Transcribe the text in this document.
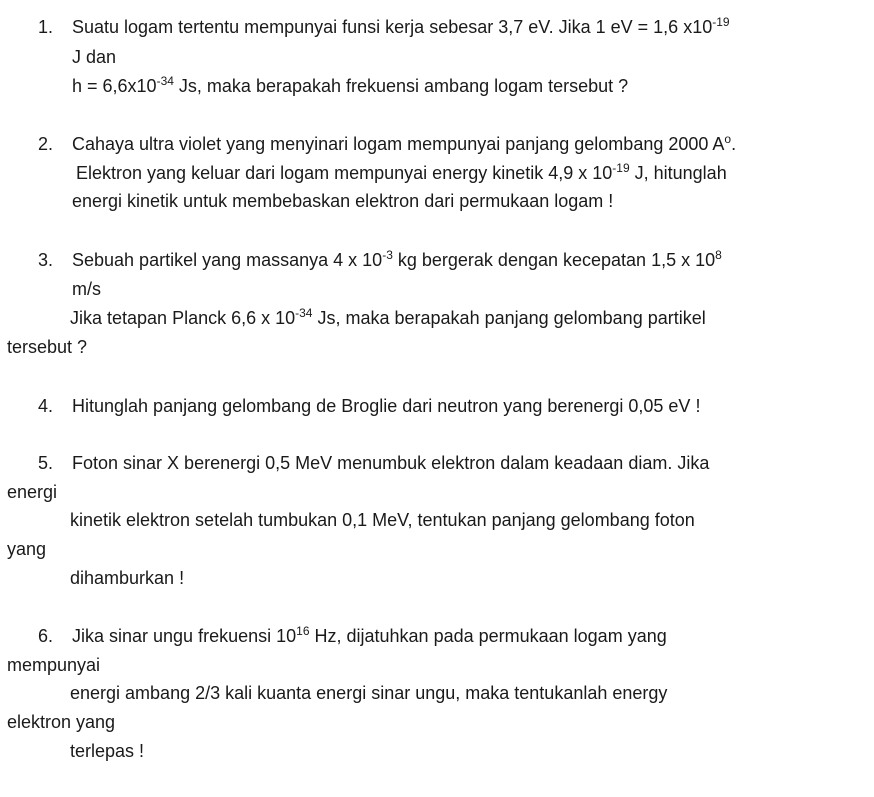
1. Suatu logam tertentu mempunyai funsi kerja sebesar 3,7 eV. Jika 1 eV = 1,6 $x10^{-19}$
J dan
$h = 6,6x10^{-34}$ Js, maka berapakah frekuensi ambang logam tersebut ?
2. Cahaya ultra violet yang menyinari logam mempunyai panjang gelombang 2000 $A^o$.
Elektron yang keluar dari logam mempunyai energy kinetik 4,9 x $10^{-19}$ J, hitunglah
energi kinetik untuk membebaskan elektron dari permukaan logam !
3. Sebuah partikel yang massanya 4 x $10^{-3}$ kg bergerak dengan kecepatan 1,5 x $10^8$
m/s
Jika tetapan Planck 6,6 x $10^{-34}$ Js, maka berapakah panjang gelombang partikel
tersebut ?
4. Hitunglah panjang gelombang de Broglie dari neutron yang berenergi 0,05 eV !
5. Foton sinar X berenergi 0,5 MeV menumbuk elektron dalam keadaan diam. Jika
energi
kinetik elektron setelah tumbukan 0,1 MeV, tentukan panjang gelombang foton
yang
dihamburkan !
6. Jika sinar ungu frekuensi $10^{16}$ Hz, dijatuhkan pada permukaan logam yang
mempunyai
energi ambang 2/3 kali kuanta energi sinar ungu, maka tentukanlah energy
elektron yang
terlepas !
